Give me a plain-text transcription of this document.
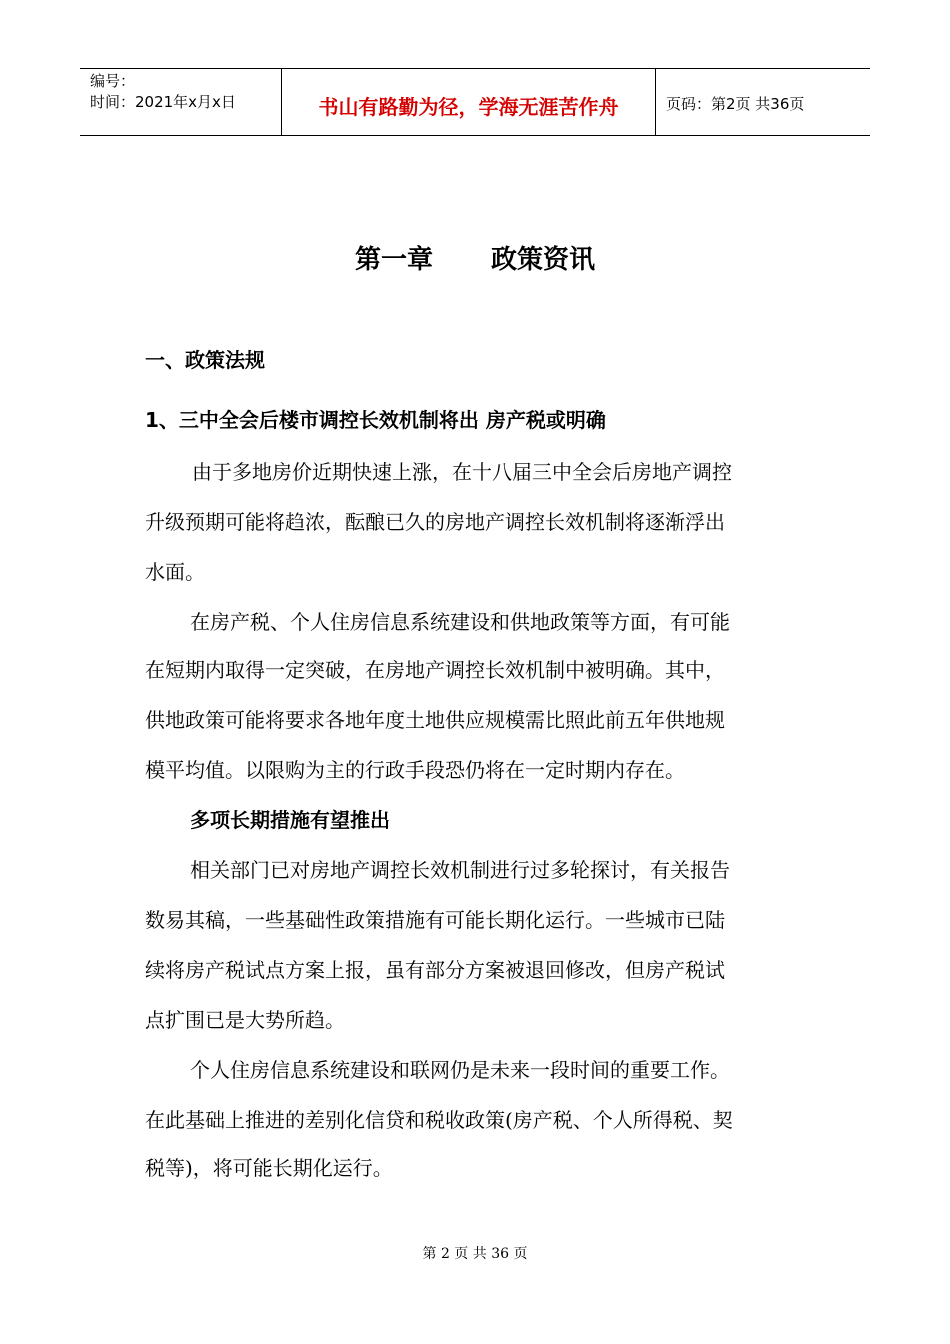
编号：
时间：2021年x月x日	书山有路勤为径，学海无涯苦作舟	页码：第2页 共36页
第一章 政策资讯
一、政策法规
1、三中全会后楼市调控长效机制将出 房产税或明确
由于多地房价近期快速上涨，在十八届三中全会后房地产调控
升级预期可能将趋浓，酝酿已久的房地产调控长效机制将逐渐浮出
水面。
在房产税、个人住房信息系统建设和供地政策等方面，有可能
在短期内取得一定突破，在房地产调控长效机制中被明确。其中，
供地政策可能将要求各地年度土地供应规模需比照此前五年供地规
模平均值。以限购为主的行政手段恐仍将在一定时期内存在。
多项长期措施有望推出
相关部门已对房地产调控长效机制进行过多轮探讨，有关报告
数易其稿，一些基础性政策措施有可能长期化运行。一些城市已陆
续将房产税试点方案上报，虽有部分方案被退回修改，但房产税试
点扩围已是大势所趋。
个人住房信息系统建设和联网仍是未来一段时间的重要工作。
在此基础上推进的差别化信贷和税收政策(房产税、个人所得税、契
税等)，将可能长期化运行。
第 2 页 共 36 页
